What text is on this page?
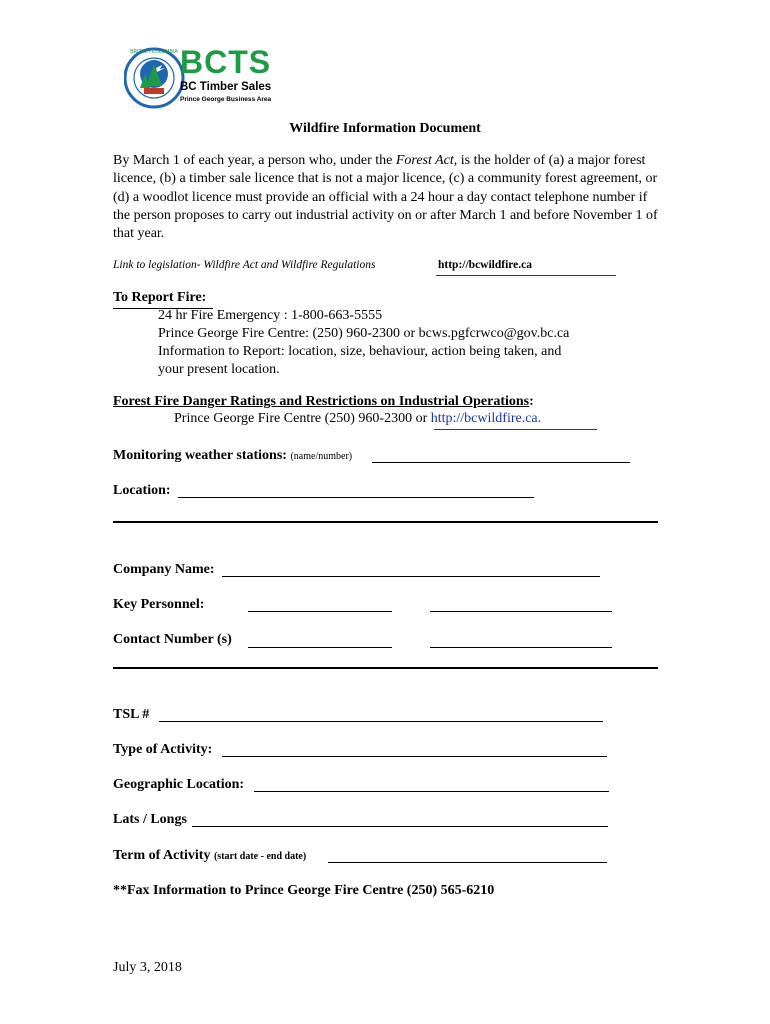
BRITISH COLUMBIA BCTS
BC Timber Sales
Prince George Business Area
Wildfire Information Document
By March 1 of each year, a person who, under the Forest Act, is the holder of (a) a major forest licence, (b) a timber sale licence that is not a major licence, (c) a community forest agreement, or (d) a woodlot licence must provide an official with a 24 hour a day contact telephone number if the person proposes to carry out industrial activity on or after March 1 and before November 1 of that year.
Link to legislation- Wildfire Act and Wildfire Regulations	http://bcwildfire.ca
To Report Fire:
24 hr Fire Emergency : 1-800-663-5555
Prince George Fire Centre: (250) 960-2300 or bcws.pgfcrwco@gov.bc.ca
Information to Report: location, size, behaviour, action being taken, and
your present location.
Forest Fire Danger Ratings and Restrictions on Industrial Operations:
Prince George Fire Centre (250) 960-2300 or http://bcwildfire.ca.
Monitoring weather stations: (name/number)
Location:
Company Name:
Key Personnel:
Contact Number (s)
TSL #
Type of Activity:
Geographic Location:
Lats / Longs
Term of Activity (start date - end date)
**Fax Information to Prince George Fire Centre (250) 565-6210
July 3, 2018
